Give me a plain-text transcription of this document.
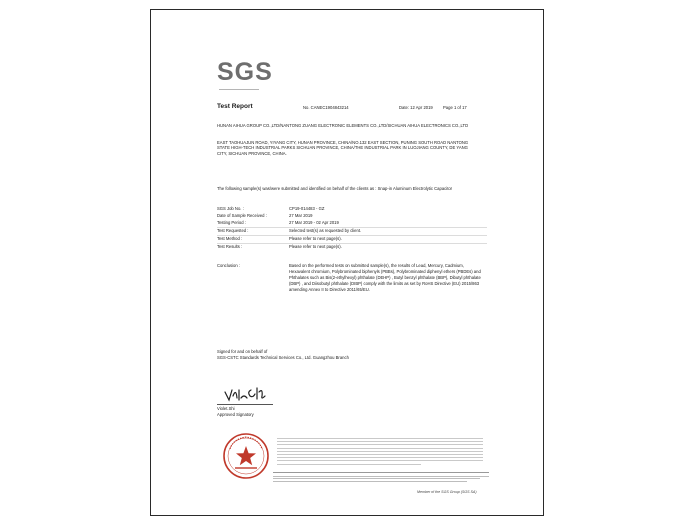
SGS
Test Report	No. CANEC1904843214	Date: 12 Apr 2019 Page 1 of 17
HUNAN AIHUA GROUP CO.,LTD/NANTONG ZUANG ELECTRONIC ELEMENTS CO.,LTD/SICHUAN AIHUA ELECTRONICS CO.,LTD
EAST TAOHUAJUN ROAD, YIYANG CITY, HUNAN PROVINCE, CHINA/NO.132 EAST SECTION, PUNING SOUTH ROAD NANTONG STATE HIGH-TECH INDUSTRIAL PARKS SICHUAN PROVINCE, CHINA/THE INDUSTRIAL PARK IN LUOJIANG COUNTY, DE YANG CITY, SICHUAN PROVINCE, CHINA.
The following sample(s) was/were submitted and identified on behalf of the clients as : Snap-in Aluminum Electrolytic Capacitor
SGS Job No. :	CP19-014483 - GZ
Date of Sample Received :	27 Mar 2019
Testing Period :	27 Mar 2019 - 02 Apr 2019
Test Requested :	Selected test(s) as requested by client.
Test Method :	Please refer to next page(s).
Test Results :	Please refer to next page(s).
Conclusion :	Based on the performed tests on submitted sample(s), the results of Lead, Mercury, Cadmium, Hexavalent chromium, Polybrominated biphenyls (PBBs), Polybrominated diphenyl ethers (PBDEs) and Phthalates such as Bis(2-ethylhexyl) phthalate (DEHP) , Butyl benzyl phthalate (BBP), Dibutyl phthalate (DBP) , and Diisobutyl phthalate (DIBP) comply with the limits as set by RoHS Directive (EU) 2015/863 amending Annex II to Directive 2011/65/EU.
Signed for and on behalf of
SGS-CSTC Standards Technical Services Co., Ltd. Guangzhou Branch
Violet.Shi
Approved Signatory
Member of the SGS Group (SGS SA)
